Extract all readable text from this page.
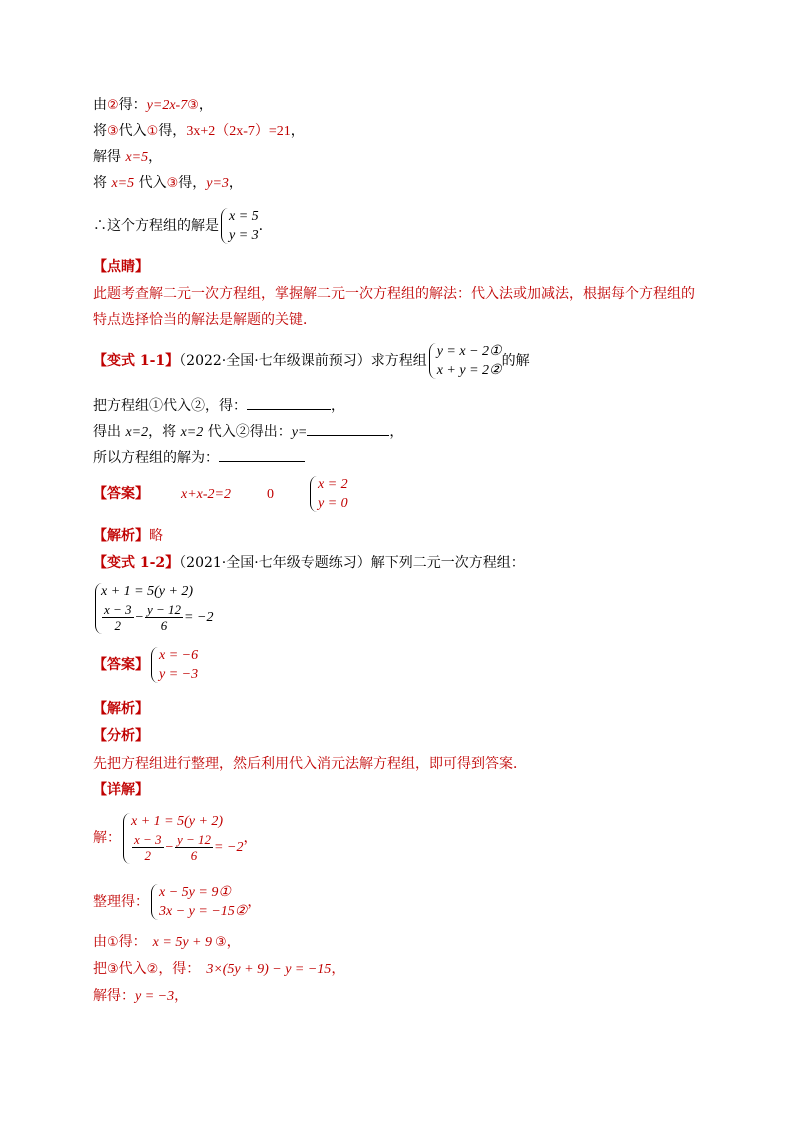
由②得：y=2x-7③，
将③代入①得，3x+2（2x-7）=21，
解得 x=5，
将 x=5 代入③得，y=3，
∴这个方程组的解是
x = 5
y = 3
.
【点睛】
此题考查解二元一次方程组，掌握解二元一次方程组的解法：代入法或加减法，根据每个方程组的
特点选择恰当的解法是解题的关键．
【变式 1-1】（2022·全国·七年级课前预习）求方程组
y = x − 2①
x + y = 2②
的解
把方程组①代入②，得：	，
得出 x=2，将 x=2 代入②得出：y=	，
所以方程组的解为：
【答案】 x+x-2=2	0
x = 2
y = 0
【解析】略
【变式 1-2】（2021·全国·七年级专题练习）解下列二元一次方程组：
x + 1 = 5(y + 2)
$\frac{x - 3}{2} - \frac{y - 12}{6} = -2$
【答案】
x = −6
y = −3
【解析】
【分析】
先把方程组进行整理，然后利用代入消元法解方程组，即可得到答案．
【详解】
解：
x + 1 = 5(y + 2)
$\frac{x - 3}{2} - \frac{y - 12}{6} = -2$
，
整理得：
x − 5y = 9①
3x − y = −15②
，
由①得： x = 5y + 9 ③，
把③代入②，得： 3×(5y + 9) − y = −15，
解得：y = −3，
